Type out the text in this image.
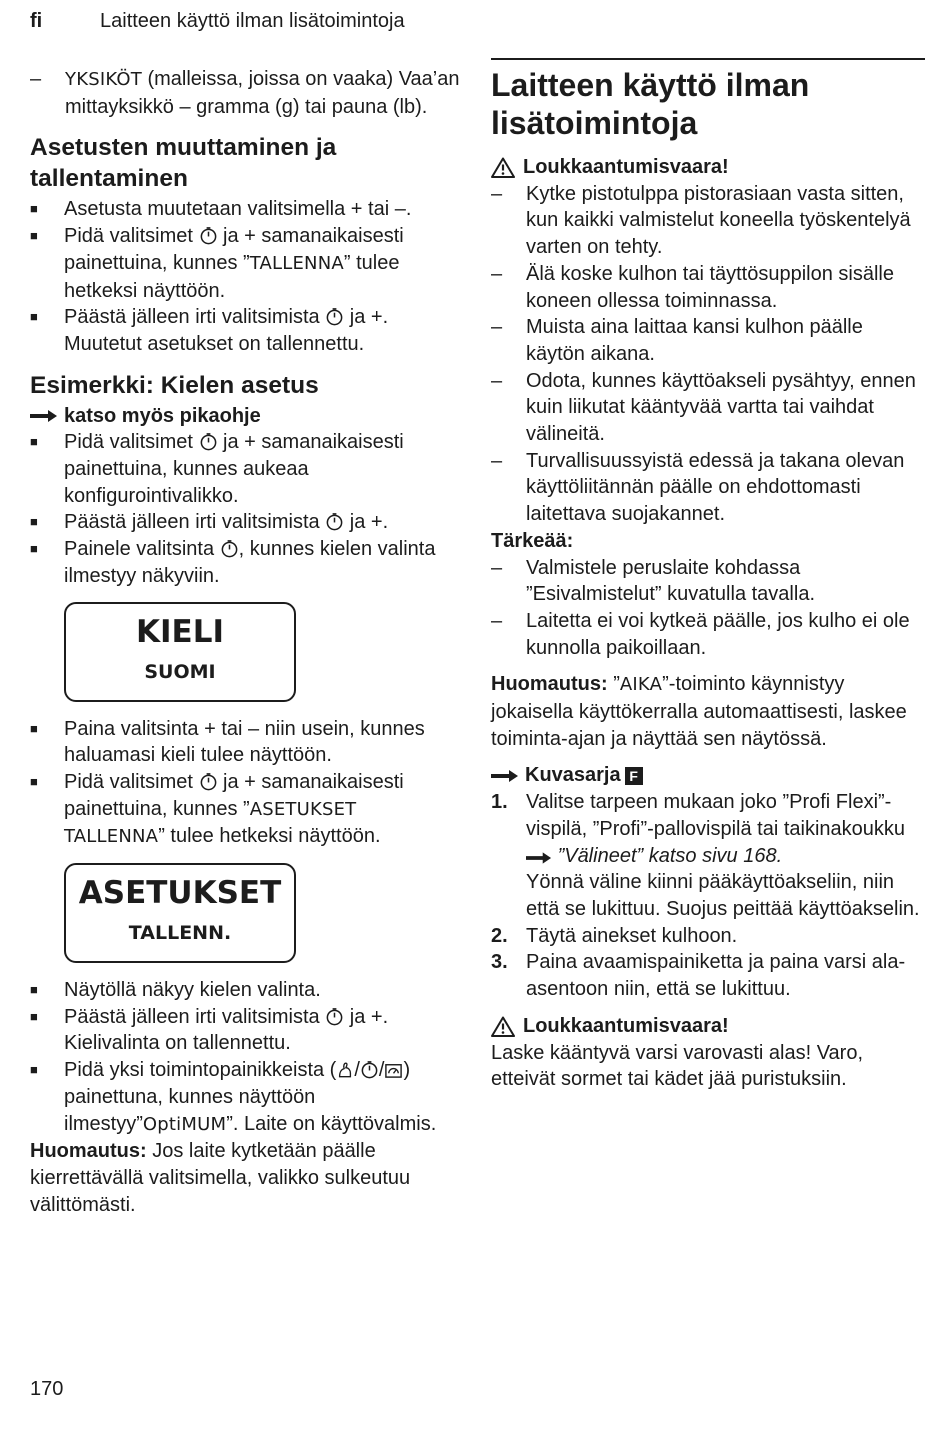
fi	Laitteen käyttö ilman lisätoimintoja
–	YKSIKÖT (malleissa, joissa on vaaka) Vaa’an mittayksikkö – gramma (g) tai pauna (lb).
Asetusten muuttaminen ja tallentaminen
■	Asetusta muutetaan valitsimella + tai –.
■	Pidä valitsimet  ja + samanaikaisesti painettuina, kunnes ”TALLENNA” tulee hetkeksi näyttöön.
■	Päästä jälleen irti valitsimista  ja +. Muutetut asetukset on tallennettu.
Esimerkki: Kielen asetus
katso myös pikaohje
■	Pidä valitsimet  ja + samanaikaisesti painettuina, kunnes aukeaa konfigurointivalikko.
■	Päästä jälleen irti valitsimista  ja +.
■	Painele valitsinta , kunnes kielen valinta ilmestyy näkyviin.
KIELI
SUOMI
■	Paina valitsinta + tai – niin usein, kunnes haluamasi kieli tulee näyttöön.
■	Pidä valitsimet  ja + samanaikaisesti painettuina, kunnes ”ASETUKSET TALLENNA” tulee hetkeksi näyttöön.
ASETUKSET
TALLENN.
■	Näytöllä näkyy kielen valinta.
■	Päästä jälleen irti valitsimista  ja +. Kielivalinta on tallennettu.
■	Pidä yksi toimintopainikkeista ( / / ) painettuna, kunnes näyttöön ilmestyy”OptiMUM”. Laite on käyttövalmis.

Huomautus: Jos laite kytketään päälle kierrettävällä valitsimella, valikko sulkeutuu välittömästi.

Laitteen käyttö ilman lisätoimintoja
Loukkaantumisvaara!
–	Kytke pistotulppa pistorasiaan vasta sitten, kun kaikki valmistelut koneella työskentelyä varten on tehty.
–	Älä koske kulhon tai täyttösuppilon sisälle koneen ollessa toiminnassa.
–	Muista aina laittaa kansi kulhon päälle käytön aikana.
–	Odota, kunnes käyttöakseli pysähtyy, ennen kuin liikutat kääntyvää vartta tai vaihdat välineitä.
–	Turvallisuussyistä edessä ja takana olevan käyttöliitännän päälle on ehdottomasti laitettava suojakannet.

Tärkeää:

–	Valmistele peruslaite kohdassa ”Esivalmistelut” kuvatulla tavalla.
–	Laitetta ei voi kytkeä päälle, jos kulho ei ole kunnolla paikoillaan.

Huomautus: ”AIKA”-toiminto käynnistyy jokaisella käyttökerralla automaattisesti, laskee toiminta-ajan ja näyttää sen näytössä.

Kuvasarja F
1. Valitse tarpeen mukaan joko ”Profi Flexi”-vispilä, ”Profi”-pallovispilä tai taikinakoukku  ”Välineet” katso sivu 168.
Yönnä väline kiinni pääkäyttöakseliin, niin että se lukittuu. Suojus peittää käyttöakselin.
2. Täytä ainekset kulhoon.
3. Paina avaamispainiketta ja paina varsi ala-asentoon niin, että se lukittuu.
Loukkaantumisvaara!

Laske kääntyvä varsi varovasti alas! Varo, etteivät sormet tai kädet jää puristuksiin.

170
